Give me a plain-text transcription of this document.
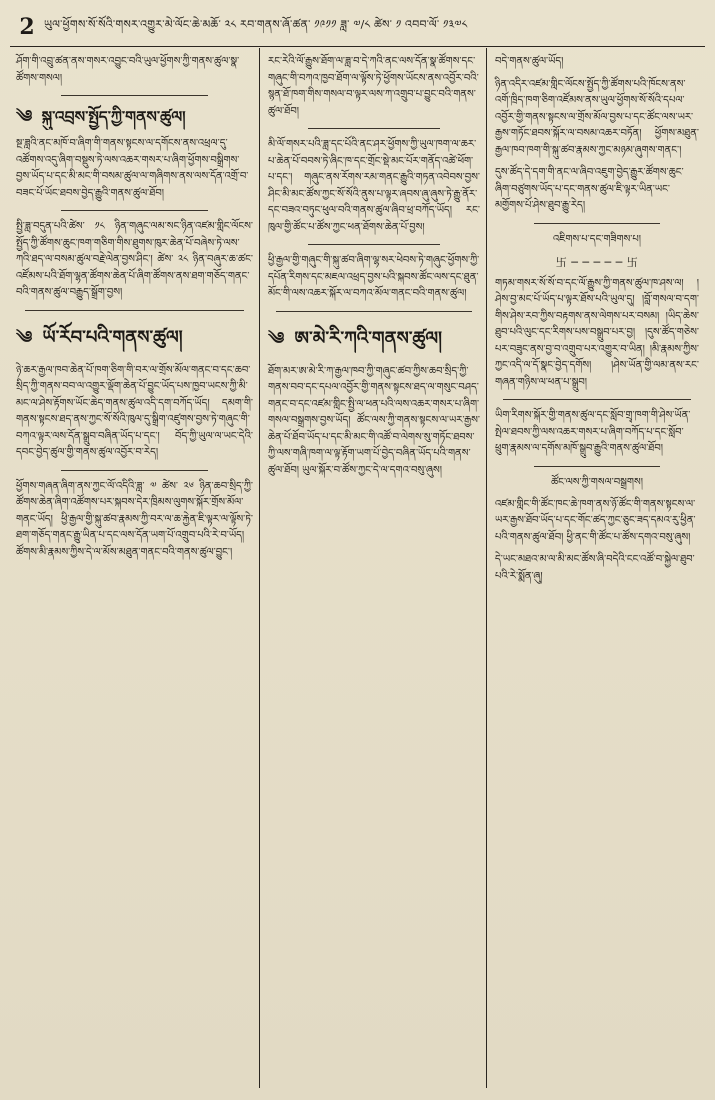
2 ཡུལ་ཕྱོགས་སོ་སོའི་གསར་འགྱུར་མེ་ལོང་ཆེ་མཆོ་ ༢༨ རབ་གནས་ཞོ་ཚན་ ༡༩༡༡ ཟླ་ ༧/༨ ཚེས་ ༡ འབབ་ལོ་ ༡༣༧༨
ཤོག་གི་འབྲུ་ཚན་ནས་གསར་འབྱུང་བའི་ཡུལ་ཕྱོགས་ཀྱི་གནས་ཚུལ་སྣ་ཚོགས་གསལ།
༄ སྐུ་འབྲས་སྤྱོད་ཀྱི་གནས་ཚུལ།
སྔ་ཟླའི་ནང་མཁོ་བ་ཞིག་གི་གནས་སྟངས་ལ་དགོངས་ནས་འཕྲལ་དུ་འཚོགས་འདུ་ཞིག་བསྡུས་ཏེ་ལས་འཆར་གསར་པ་ཞིག་ཕྱོགས་བསྒྲིགས་བྱས་ཡོད་པ་དང་མི་མང་གི་བསམ་ཚུལ་ལ་གཞིགས་ནས་ལས་དོན་འགྲོ་བ་བཟང་པོ་ཡོང་ཐབས་བྱེད་རྒྱུའི་གནས་ཚུལ་ཐོབ།
སྤྱི་ཟླ་བདུན་པའི་ཚེས་ ༡༨ ཉིན་གཞུང་ལམ་སང་ཉིན་འཛམ་གླིང་ལོངས་སྤྱོད་ཀྱི་ཚོགས་ཆུང་ཁག་གཅིག་གིས་ཐུགས་ཁུར་ཆེན་པོ་བཞེས་ཏེ་ལས་ཀའི་ཐད་ལ་བསམ་ཚུལ་བརྗེ་ལེན་བྱས་ཤིང་། ཚེས་ ༢༨ ཉིན་བཞུར་ཆ་ཚང་འཛོམས་པའི་ཐོག་ལྷན་ཚོགས་ཆེན་པོ་ཞིག་ཚོགས་ནས་ཐག་གཅོད་གནང་བའི་གནས་ཚུལ་བརྒྱུད་སྒྲོག་བྱས།
༄ ཡོ་རོབ་པའི་གནས་ཚུལ།
ཉེ་ཆར་རྒྱལ་ཁབ་ཆེན་པོ་ཁག་ཅིག་གི་བར་ལ་གྲོས་མོལ་གནང་བ་དང་ཆབ་སྲིད་ཀྱི་གནས་བབ་ལ་འགྱུར་ལྡོག་ཆེན་པོ་བྱུང་ཡོད་པས་ཁྱབ་ཡངས་ཀྱི་མི་མང་ལ་ཤེས་རྟོགས་ཡོང་ཆེད་གནས་ཚུལ་འདི་དག་བཀོད་ཡོད། དམག་གི་གནས་སྟངས་ཐད་ནས་ཀྱང་སོ་སོའི་ཁུལ་དུ་སྒྲིག་འཛུགས་བྱས་ཏེ་གཞུང་གི་བཀའ་ལྟར་ལས་དོན་སྒྲུབ་བཞིན་ཡོད་པ་དང་། བོད་ཀྱི་ཡུལ་ལ་ཡང་དེའི་དབང་བྱེད་ཚུལ་གྱི་གནས་ཚུལ་འབྱོར་བ་རེད།
ཕྱོགས་གཞན་ཞིག་ནས་ཀྱང་ལོ་འདིའི་ཟླ་ ༧ ཚེས་ ༢༦ ཉིན་ཆབ་སྲིད་ཀྱི་ཚོགས་ཆེན་ཞིག་འཚོགས་པར་སྐབས་དེར་ཁྲིམས་ལུགས་སྐོར་གྲོས་མོལ་གནང་ཡོད། ཕྱི་རྒྱལ་གྱི་སྐུ་ཚབ་རྣམས་ཀྱི་བར་ལ་ཆ་རྐྱེན་ཇི་ལྟར་ལ་ལྟོས་ཏེ་ཐག་གཅོད་གནང་རྒྱུ་ཡིན་པ་དང་ལས་དོན་ཡག་པོ་འགྲུབ་པའི་རེ་བ་ཡོད། ཚོགས་མི་རྣམས་ཀྱིས་དེ་ལ་མོས་མཐུན་གནང་བའི་གནས་ཚུལ་བྱུང་།
རང་རེའི་ལོ་རྒྱུས་ཐོག་ལ་ཟླ་བ་དེ་ཀའི་ནང་ལས་དོན་སྣ་ཚོགས་དང་གཞུང་གི་བཀའ་ཁྱབ་ཐོག་ལ་ལྟོས་ཏེ་ཕྱོགས་ཡོངས་ནས་འབྱོར་བའི་སྙན་ཐོ་ཁག་གིས་གསལ་བ་ལྟར་ལས་ཀ་འགྲུབ་པ་བྱུང་བའི་གནས་ཚུལ་ཐོབ།
མི་ལོ་གསར་པའི་ཟླ་དང་པོའི་ནང་ཤར་ཕྱོགས་ཀྱི་ཡུལ་ཁག་ལ་ཆར་པ་ཆེན་པོ་བབས་ཏེ་ཞིང་ཁ་དང་གྲོང་སྡེ་མང་པོར་གནོད་འཚེ་ཕོག་པ་དང་། གཞུང་ནས་རོགས་རམ་གནང་རྒྱུའི་གཏན་འབེབས་བྱས་ཤིང་མི་མང་ཚོས་ཀྱང་སོ་སོའི་ནུས་པ་ལྟར་ཞབས་ཞུ་ཞུས་ཏེ་རྒྱུ་ནོར་དང་བཟའ་བཏུང་ཕུལ་བའི་གནས་ཚུལ་ཞིབ་ཕྲ་བཀོད་ཡོད། རང་ཁུལ་གྱི་ཚོང་པ་ཚོས་ཀྱང་ཕན་ཐོགས་ཆེན་པོ་བྱས།
ཕྱི་རྒྱལ་གྱི་གཞུང་གི་སྐུ་ཚབ་ཞིག་ལྷ་སར་ཕེབས་ཏེ་གཞུང་ཕྱོགས་ཀྱི་དཔོན་རིགས་དང་མཇལ་འཕྲད་བྱས་པའི་སྐབས་ཚོང་ལས་དང་ཐུན་མོང་གི་ལས་འཆར་སྐོར་ལ་བཀའ་མོལ་གནང་བའི་གནས་ཚུལ།
༄ ཨ་མེ་རི་ཀའི་གནས་ཚུལ།
ཐོག་མར་ཨ་མེ་རི་ཀ་རྒྱལ་ཁབ་ཀྱི་གཞུང་ཚབ་ཀྱིས་ཆབ་སྲིད་ཀྱི་གནས་བབ་དང་དཔལ་འབྱོར་གྱི་གནས་སྟངས་ཐད་ལ་གསུང་བཤད་གནང་བ་དང་འཛམ་གླིང་སྤྱི་ལ་ཕན་པའི་ལས་འཆར་གསར་པ་ཞིག་གསལ་བསྒྲགས་བྱས་ཡོད། ཚོང་ལས་ཀྱི་གནས་སྟངས་ལ་ཡར་རྒྱས་ཆེན་པོ་ཐོབ་ཡོད་པ་དང་མི་མང་གི་འཚོ་བ་ལེགས་སུ་གཏོང་ཐབས་ཀྱི་ལས་གཞི་ཁག་ལ་ལྟ་རྟོག་ཡག་པོ་བྱེད་བཞིན་ཡོད་པའི་གནས་ཚུལ་ཐོབ། ཡུལ་སྐོར་བ་ཚོས་ཀྱང་དེ་ལ་དགའ་བསུ་ཞུས།
བདེ་གནས་ཚུལ་ཡོད།
ཉིན་འདིར་འཛམ་གླིང་ལོངས་སྤྱོད་ཀྱི་ཚོགས་པའི་ཁོངས་ནས་འགོ་ཁྲིད་ཁག་ཅིག་འཛོམས་ནས་ཡུལ་ཕྱོགས་སོ་སོའི་དཔལ་འབྱོར་གྱི་གནས་སྟངས་ལ་གྲོས་མོལ་བྱས་པ་དང་ཚོང་ལས་ཡར་རྒྱས་གཏོང་ཐབས་སྐོར་ལ་བསམ་འཆར་བཏོན། ཕྱོགས་མཐུན་རྒྱལ་ཁབ་ཁག་གི་སྐུ་ཚབ་རྣམས་ཀྱང་མཉམ་ཞུགས་གནང་།
དུས་ཚོད་དེ་དག་གི་ནང་ལ་ཞིབ་འཇུག་བྱེད་རྒྱུར་ཚོགས་ཆུང་ཞིག་བཙུགས་ཡོད་པ་དང་གནས་ཚུལ་ཇི་ལྟར་ཡིན་ཡང་མགྱོགས་པོ་ཤེས་ཐུབ་རྒྱུ་རེད།
འཇིགས་པ་དང་གཟིགས་པ།
卐 ─ ─ ─ ─ ─ 卐
གཏམ་གསར་སོ་སོ་བ་དང་ལོ་རྒྱུས་ཀྱི་གནས་ཚུལ་ཁ་ཤས་ལ། །ཤེས་བྱ་མང་པོ་ཡོད་པ་ལྟར་ཐོས་པའི་ཡུལ་དུ། །བློ་གསལ་བ་དག་གིས་ཤེས་རབ་ཀྱིས་བརྟགས་ནས་ལེགས་པར་བསམ། །ཡིད་ཆེས་ཐུབ་པའི་ལུང་དང་རིགས་པས་བསྒྲུབ་པར་བྱ། །དུས་ཚོད་གཅེས་པར་བཟུང་ནས་བྱ་བ་འགྲུབ་པར་འགྱུར་བ་ཡིན། །མི་རྣམས་ཀྱིས་ཀྱང་འདི་ལ་དོ་སྣང་བྱེད་དགོས། །ཤེས་ཡོན་གྱི་ལམ་ནས་རང་གཞན་གཉིས་ལ་ཕན་པ་སྒྲུབ།
ཡིག་རིགས་སྐོར་གྱི་གནས་ཚུལ་དང་སློབ་གྲྭ་ཁག་གི་ཤེས་ཡོན་སྤེལ་ཐབས་ཀྱི་ལས་འཆར་གསར་པ་ཞིག་བཀོད་པ་དང་སློབ་ཕྲུག་རྣམས་ལ་དགོས་མཁོ་སྒྲུབ་རྒྱུའི་གནས་ཚུལ་ཐོབ།
ཚོང་ལས་ཀྱི་གསལ་བསྒྲགས།
འཛམ་གླིང་གི་ཚོང་ཁང་ཆེ་ཁག་ནས་ཉོ་ཚོང་གི་གནས་སྟངས་ལ་ཡར་རྒྱས་ཐོབ་ཡོད་པ་དང་གོང་ཚད་ཀྱང་ཅུང་ཟད་དམའ་རུ་ཕྱིན་པའི་གནས་ཚུལ་ཐོབ། ཕྱི་ནང་གི་ཚོང་པ་ཚོས་དགའ་བསུ་ཞུས།
དེ་ཡང་མཐའ་མ་ལ་མི་མང་ཚོས་ཞི་བདེའི་ངང་འཚོ་བ་སྐྱེལ་ཐུབ་པའི་རེ་སྨོན་ཞུ།
